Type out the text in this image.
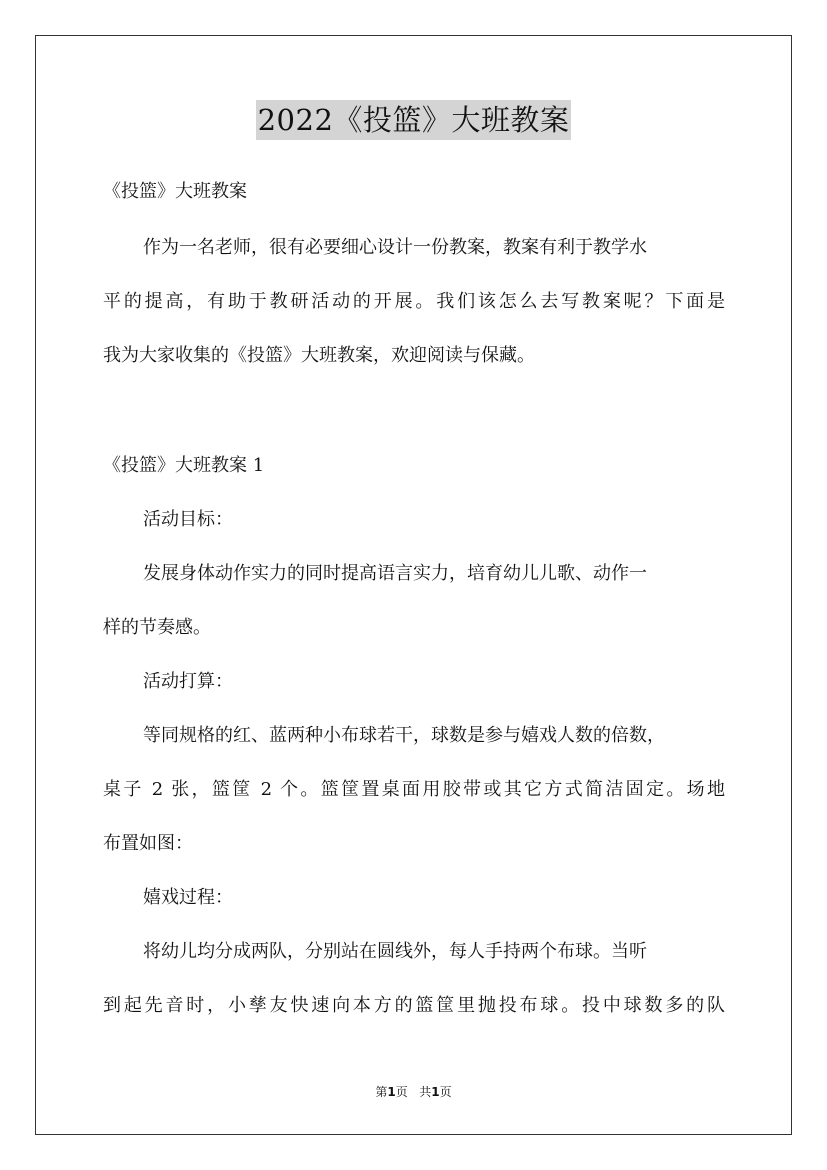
2022《投篮》大班教案
《投篮》大班教案
作为一名老师，很有必要细心设计一份教案，教案有利于教学水
平的提高，有助于教研活动的开展。我们该怎么去写教案呢？下面是
我为大家收集的《投篮》大班教案，欢迎阅读与保藏。
《投篮》大班教案 1
活动目标：
发展身体动作实力的同时提高语言实力，培育幼儿儿歌、动作一
样的节奏感。
活动打算：
等同规格的红、蓝两种小布球若干，球数是参与嬉戏人数的倍数，
桌子 2 张，篮筐 2 个。篮筐置桌面用胶带或其它方式简洁固定。场地
布置如图：
嬉戏过程：
将幼儿均分成两队，分别站在圆线外，每人手持两个布球。当听
到起先音时，小孳友快速向本方的篮筐里抛投布球。投中球数多的队
第1页 共1页
